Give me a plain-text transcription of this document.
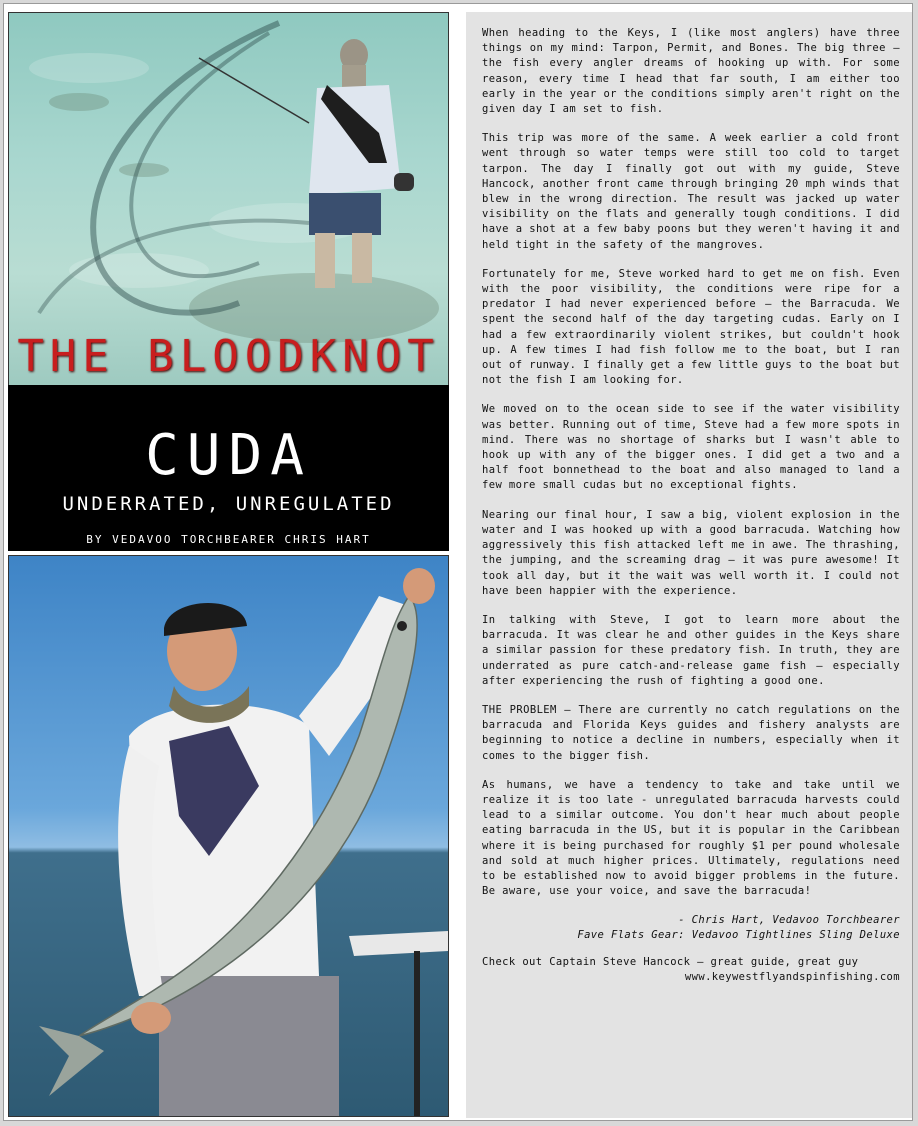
THE BLOODKNOT
CUDA
UNDERRATED, UNREGULATED
BY VEDAVOO TORCHBEARER CHRIS HART

When heading to the Keys, I (like most anglers) have three things on my mind: Tarpon, Permit, and Bones. The big three – the fish every angler dreams of hooking up with. For some reason, every time I head that far south, I am either too early in the year or the conditions simply aren't right on the given day I am set to fish.

This trip was more of the same. A week earlier a cold front went through so water temps were still too cold to target tarpon. The day I finally got out with my guide, Steve Hancock, another front came through bringing 20 mph winds that blew in the wrong direction. The result was jacked up water visibility on the flats and generally tough conditions. I did have a shot at a few baby poons but they weren't having it and held tight in the safety of the mangroves.

Fortunately for me, Steve worked hard to get me on fish. Even with the poor visibility, the conditions were ripe for a predator I had never experienced before – the Barracuda. We spent the second half of the day targeting cudas. Early on I had a few extraordinarily violent strikes, but couldn't hook up. A few times I had fish follow me to the boat, but I ran out of runway. I finally get a few little guys to the boat but not the fish I am looking for.

We moved on to the ocean side to see if the water visibility was better. Running out of time, Steve had a few more spots in mind. There was no shortage of sharks but I wasn't able to hook up with any of the bigger ones. I did get a two and a half foot bonnethead to the boat and also managed to land a few more small cudas but no exceptional fights.

Nearing our final hour, I saw a big, violent explosion in the water and I was hooked up with a good barracuda. Watching how aggressively this fish attacked left me in awe. The thrashing, the jumping, and the screaming drag – it was pure awesome! It took all day, but it the wait was well worth it. I could not have been happier with the experience.

In talking with Steve, I got to learn more about the barracuda. It was clear he and other guides in the Keys share a similar passion for these predatory fish. In truth, they are underrated as pure catch-and-release game fish – especially after experiencing the rush of fighting a good one.

THE PROBLEM – There are currently no catch regulations on the barracuda and Florida Keys guides and fishery analysts are beginning to notice a decline in numbers, especially when it comes to the bigger fish.

As humans, we have a tendency to take and take until we realize it is too late - unregulated barracuda harvests could lead to a similar outcome. You don't hear much about people eating barracuda in the US, but it is popular in the Caribbean where it is being purchased for roughly $1 per pound wholesale and sold at much higher prices. Ultimately, regulations need to be established now to avoid bigger problems in the future. Be aware, use your voice, and save the barracuda!

- Chris Hart, Vedavoo Torchbearer
Fave Flats Gear: Vedavoo Tightlines Sling Deluxe
Check out Captain Steve Hancock – great guide, great guy
www.keywestflyandspinfishing.com
